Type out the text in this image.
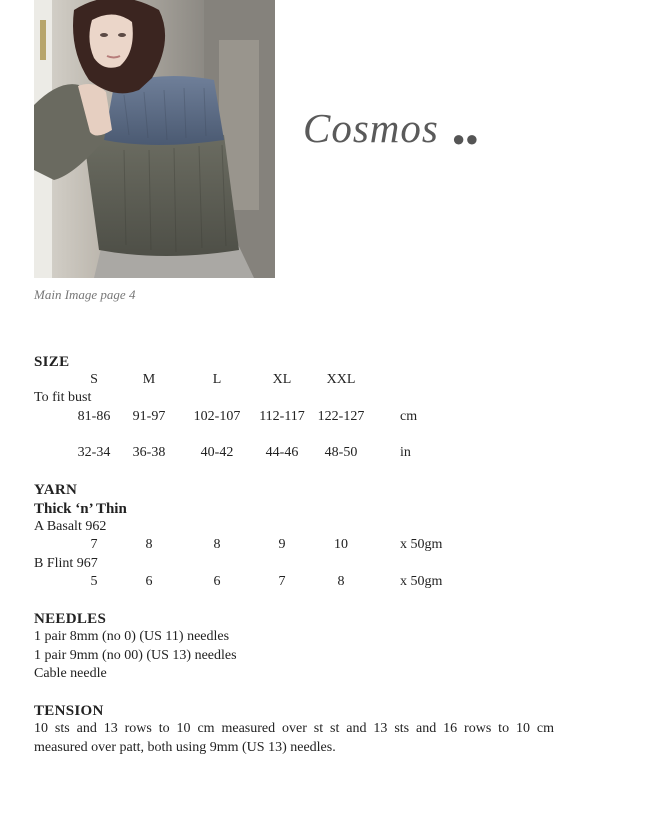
Cosmos ●●
Main Image page 4
SIZE
S	M	L	XL	XXL
To fit bust
81-86	91-97	102-107	112-117 122-127	cm
32-34	36-38	40-42	44-46	48-50	in
YARN
Thick ‘n’ Thin
A Basalt 962
7	8	8	9	10	x 50gm
B Flint 967
5	6	6	7	8	x 50gm
NEEDLES
1 pair 8mm (no 0) (US 11) needles
1 pair 9mm (no 00) (US 13) needles
Cable needle
TENSION
10 sts and 13 rows to 10 cm measured over st st and 13 sts and 16 rows to 10 cm
measured over patt, both using 9mm (US 13) needles.
